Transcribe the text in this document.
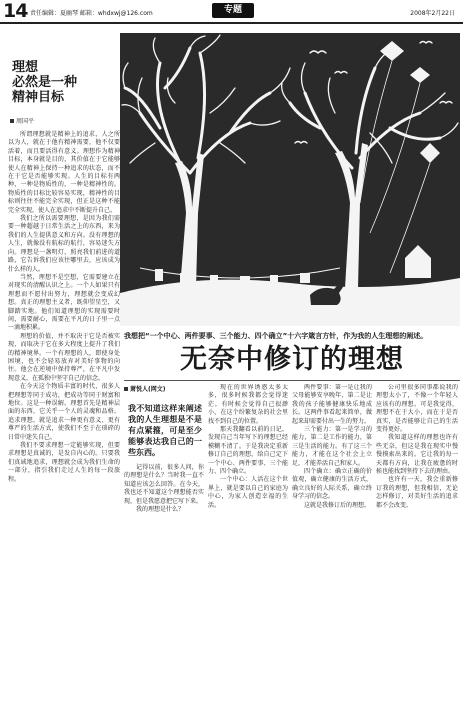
14 责任编辑：夏幽琴 邮箱：whdxwj@126.com	专题	2008年2月22日
理想
必然是一种
精神目标
周国平

所谓理想就是精神上的追求，人之所以为人，就在于他有精神需要，他不仅要活着，而且要活得有意义。理想作为精神目标，本身就是目的，其价值在于它能够使人在精神上保持一种追求的状态，而不在于它是否能够实现。人生的目标有两种，一种是物质性的，一种是精神性的。物质性的目标比较容易实现，精神性的目标则往往不能完全实现，但正是这种不能完全实现，使人在追求中不断提升自己。

我们之所以需要理想，是因为我们需要一种超越于日常生活之上的东西，来为我们的人生提供意义和方向。没有理想的人生，就像没有航标的航行，容易迷失方向。理想是一盏明灯，照亮我们前进的道路，它告诉我们应该往哪里去，应该成为什么样的人。

当然，理想不是空想，它需要建立在对现实的清醒认识之上。一个人如果只有理想而不愿付出努力，理想就会变成幻想。真正的理想主义者，既仰望星空，又脚踏实地。他们知道理想的实现需要时间，需要耐心，需要在平凡的日子里一点一滴地积累。

理想的价值，并不取决于它是否被实现，而取决于它在多大程度上提升了我们的精神境界。一个有理想的人，即使身处困境，也不会轻易放弃对美好事物的向往。他会在逆境中保持尊严，在平凡中发现意义，在孤独中坚守自己的信念。

在今天这个物质丰富的时代，很多人把理想等同于成功，把成功等同于财富和地位。这是一种误解。理想首先是精神层面的东西，它关乎一个人的灵魂和品格。追求理想，就是追求一种更有意义、更有尊严的生活方式，使我们不至于在琐碎的日常中迷失自己。

我们不要求理想一定能够实现，但要求理想是真诚的，是发自内心的。只要我们真诚地追求，理想就会成为我们生命的一部分，指引我们走过人生的每一段旅程。

我想把“一个中心、两件要事、三个能力、四个确立”十六字箴言方针，作为我的人生理想的阐述。
无奈中修订的理想
萧悦人(网文)
我不知道这样来阐述我的人生理想是不是有点紧箍，可是至少能够表达我自己的一些东西。

记得以前，很多人问，你的理想是什么？当时我一直不知道应该怎么回答。在今天，我也还不知道这个理想能否实现，但是我愿意把它写下来。

我的理想是什么？

现在的世界诱惑太多太多，很多时候我都会觉得迷茫。有时候会觉得自己很渺小，在这个纷繁复杂的社会里找不到自己的位置。

那天我翻看以前的日记，发现自己当年写下的理想已经模糊不清了。于是我决定重新修订自己的理想，给自己定下一个中心、两件要事、三个能力、四个确立。

一个中心：人活在这个世界上，就是要以自己的家庭为中心，为家人创造幸福的生活。

两件要事：第一是让我的父母能够安享晚年，第二是让我的孩子能够健康快乐地成长。这两件事看起来简单，做起来却需要付出一生的努力。

三个能力：第一是学习的能力，第二是工作的能力，第三是生活的能力。有了这三个能力，才能在这个社会上立足，才能养活自己和家人。

四个确立：确立正确的价值观，确立健康的生活方式，确立良好的人际关系，确立终身学习的信念。

这就是我修订后的理想。

公司里很多同事都说我的理想太小了，不像一个年轻人应该有的理想。可是我觉得，理想不在于大小，而在于是否真实，是否能够让自己的生活变得更好。

我知道这样的理想也许有些无奈，但这是我在现实中慢慢摸索出来的。它让我的每一天都有方向，让我在疲惫的时候也能找到坚持下去的理由。

也许有一天，我会重新修订我的理想，但我相信，无论怎样修订，对美好生活的追求都不会改变。
